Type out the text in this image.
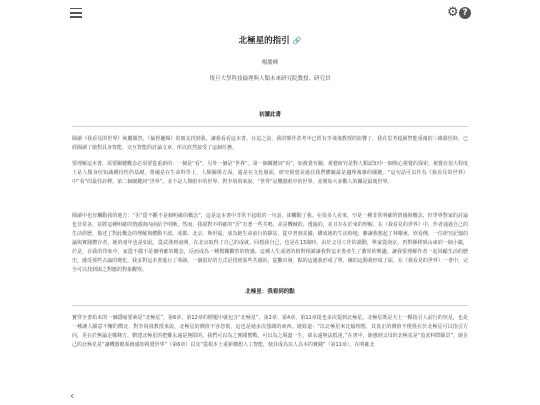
⚙ ?
北極星的指引 🔗
楊慶峰
復旦大學科技倫理與人類未來研究院教授、研究員
初讀此書

閱讀《我看見的世界》純屬偶然，《倫督邏輯》的朋友找到我，讓我看看這本書。在這之前，我的額作甚考中已經有李飛飛教授的影響了，我在思考超級智能重複的三維路徑時，已經閱讀了她對具身智能、交互智能的討論文章，所以欣然接受了這個任務。

要理解這本書，需要關鍵概念必須要從重新的：一個是“看”，另外一個是“世界”。第一個關鍵詞“看”，如視覺有關，視覺研究是對人類認知中一個核心視覺的探索。視覺在很大程度上是人類身份知識構持性的基礎，尊融是在生命科學上，人類關係方面，還是在文化層面，研究視覺是過往我們體驗最是趨理複雜的關鍵。“這句話可以作為《我看見的世界》中“看”的最佳詮釋。第二個關鍵詞“世界”。並不是人類眼中的世界，對李飛飛來說，“世界”是機器眼中的世界，並開始大多數人的關是最後世界。

閱讀中也有觸動我的地方：“否”從不斷不是個明確的概念”，這是這本書中非常不起眼的一句話，卻觸動了我。在很多人看來，空是一種非常明確的情感與概念，但學界對家的討論也非常多，並將這種明確的情感與內函給予明晰，然而，我卻對不明確的“否”有著一些共鳴，並是機械的、透過的，並且存在於來的理解。在《我看見的世界》中，作者通過自己的生活經歷，描述了對此概念的理解與體動不認，成都、北京、斯坦福，成為她生命前行的驛站，從中書到美國，構成她的生活時地，雖讓我想起了林曜東，欣看傳，一位研究記憶的論與實踐體存者，她的童年也是如此，從武漢到南開，在北京取得了自己的成就。回想我自己，也是在13歲時，由於父母工作的調動，舉家從南京，再對揮移到山東的一個小鎮，於是，在我的印象中，家從不都不是個明確的概念，反而成為一種模糊觀察的情感。這種人生成渚的相對相調讓我對這本書產生了濃厚的興趣，讓我要理解作者一起回顧生活的歷史，感受那些古論的變化。我多對這本書進行了導讀，一個很好的方式是找到那些共感的。從觀出發，點的這邁我形成了單，練的這動我形成了面，在《我看見的世界》一書中，完全可以找到與之對應的對象觀察。

北極星：我看到的點

實穿全書始末的一個隱喻要素是“北極星”，第6章、第12章的標題中就包含“北極星”，第2章、第4章、第11章提也多次提到北極星。北極星既是天上一顆指引人前行的恒星，也是一種讓人願意不懈的嚮北，對李飛飛教授來說，北極星的價值不容忽視，這也是她多次強調的東西。她寫道：“以北極星來比喻理想，其真正的價值不僅僅在於北極星可以指引方向，更在於無論走哪條方，劉建北極星的把難永遠是無限的，我們可以為之實踐奮戰，可以為之竭盡一生，卻永遠無法抵達，”在書中，她感到父母的北極星是“追求科際願景”，她自己的北極星是“讓機器眼系統感知視覺世界”（第6章）以及“從根本上重新構想人工智能，使其成為以人為本的實踐”（第11章），在明確北

‹
